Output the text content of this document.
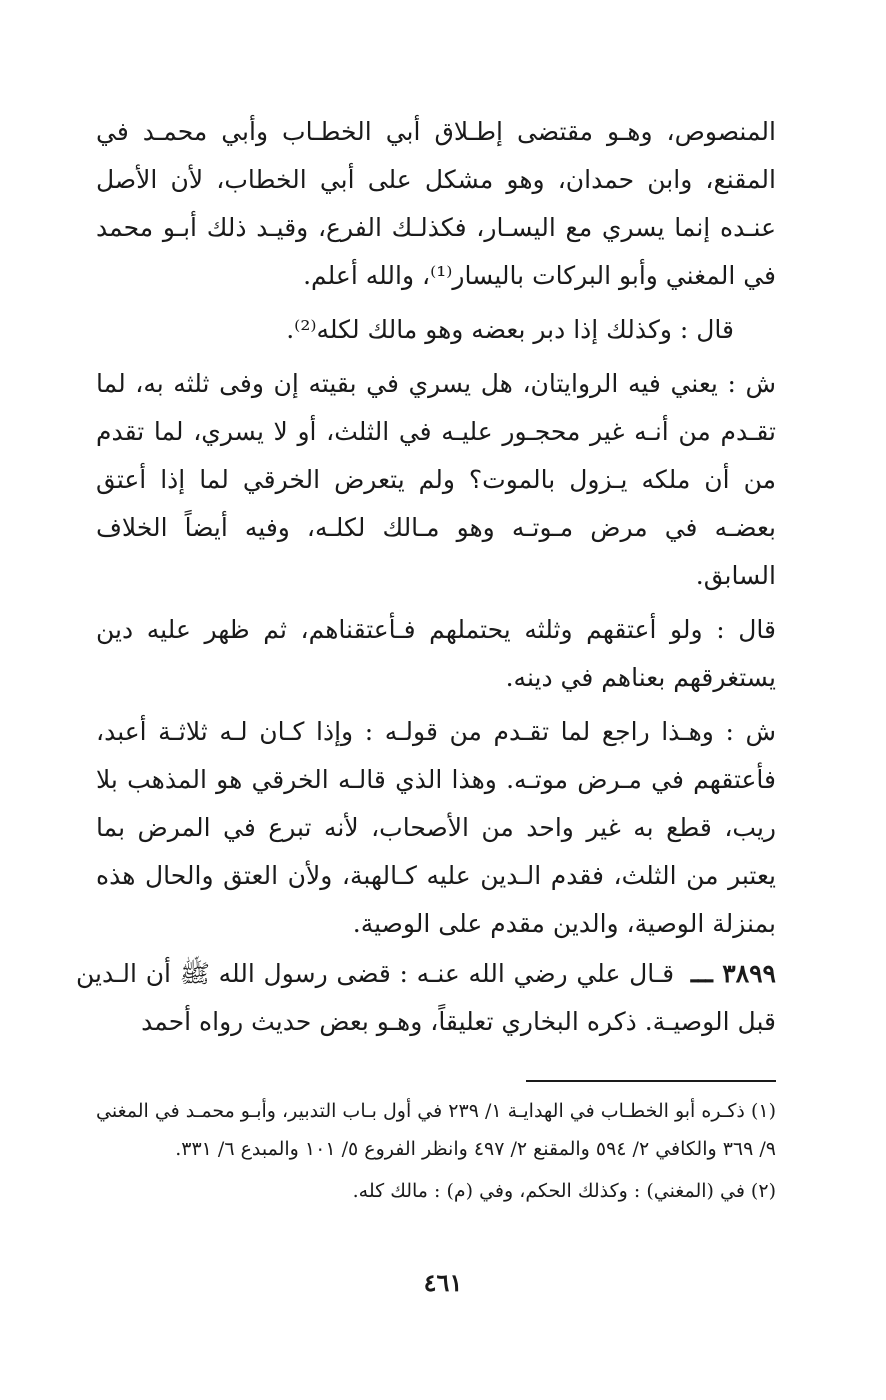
المنصوص، وهـو مقتضى إطـلاق أبي الخطـاب وأبي محمـد في المقنع، وابن حمدان، وهو مشكل على أبي الخطاب، لأن الأصل عنـده إنما يسري مع اليسـار، فكذلـك الفرع، وقيـد ذلك أبـو محمد في المغني وأبو البركات باليسار⁽¹⁾، والله أعلم.

قال : وكذلك إذا دبر بعضه وهو مالك لكله⁽²⁾.

ش : يعني فيه الروايتان، هل يسري في بقيته إن وفى ثلثه به، لما تقـدم من أنـه غير محجـور عليـه في الثلث، أو لا يسري، لما تقدم من أن ملكه يـزول بالموت؟ ولم يتعرض الخرقي لما إذا أعتق بعضـه في مرض مـوتـه وهو مـالك لكلـه، وفيه أيضاً الخلاف السابق.

قال : ولو أعتقهم وثلثه يحتملهم فـأعتقناهم، ثم ظهر عليه دين يستغرقهم بعناهم في دينه.

ش : وهـذا راجع لما تقـدم من قولـه : وإذا كـان لـه ثلاثـة أعبد، فأعتقهم في مـرض موتـه. وهذا الذي قالـه الخرقي هو المذهب بلا ريب، قطع به غير واحد من الأصحاب، لأنه تبرع في المرض بما يعتبر من الثلث، فقدم الـدين عليه كـالهبة، ولأن العتق والحال هذه بمنزلة الوصية، والدين مقدم على الوصية.

٣٨٩٩ ـــ قـال علي رضي الله عنـه : قضى رسول الله ﷺ أن الـدين قبل الوصيـة. ذكره البخاري تعليقاً، وهـو بعض حديث رواه أحمد

(١) ذكـره أبو الخطـاب في الهدايـة ١/ ٢٣٩ في أول بـاب التدبير، وأبـو محمـد في المغني ٩/ ٣٦٩ والكافي ٢/ ٥٩٤ والمقنع ٢/ ٤٩٧ وانظر الفروع ٥/ ١٠١ والمبدع ٦/ ٣٣١.

(٢) في (المغني) : وكذلك الحكم، وفي (م) : مالك كله.

٤٦١
